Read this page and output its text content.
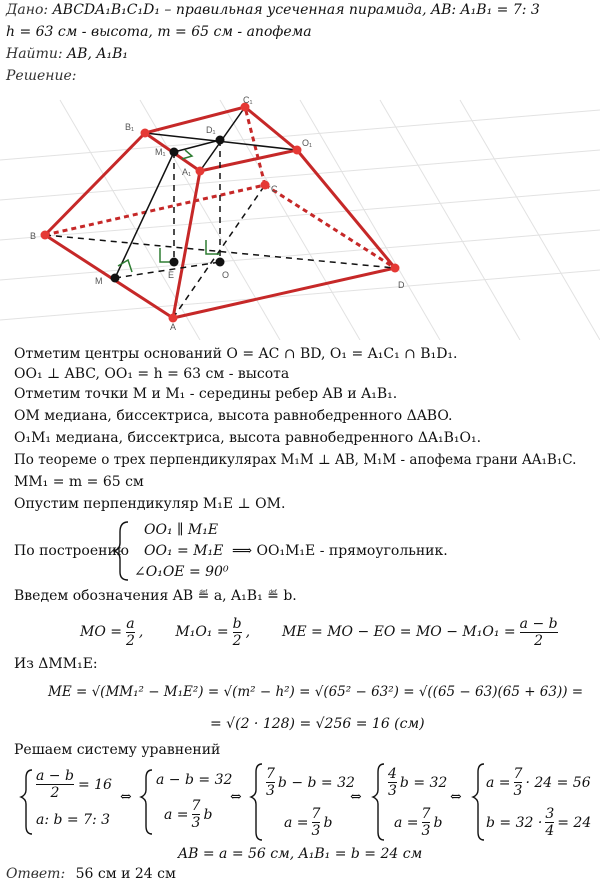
Дано: ABCDA₁B₁C₁D₁ – правильная усеченная пирамида, AB: A₁B₁ = 7: 3
h = 63 см - высота, m = 65 см - апофема
Найти: AB, A₁B₁
Решение:
B₁
C₁
O₁
M₁
A₁
D₁
B
C
E	O
M	D
A
Отметим центры оснований O = AC ∩ BD, O₁ = A₁C₁ ∩ B₁D₁.
OO₁ ⊥ ABC, OO₁ = h = 63 см - высота
Отметим точки M и M₁ - середины ребер AB и A₁B₁.
OM медиана, биссектриса, высота равнобедренного ΔABO.
O₁M₁ медиана, биссектриса, высота равнобедренного ΔA₁B₁O₁.
По теореме о трех перпендикулярах M₁M ⊥ AB, M₁M - апофема грани AA₁B₁C.
MM₁ = m = 65 см
Опустим перпендикуляр M₁E ⊥ OM.
По построению
OO₁ ∥ M₁E
OO₁ = M₁E
∠O₁OE = 90⁰
⟹ OO₁M₁E - прямоугольник.
Введем обозначения AB ≝ a, A₁B₁ ≝ b.
MO = $\frac{a}{2}$ , $M_1O_1 = \frac{b}{2}$ , ME = MO − EO = MO − $M_1O_1 = \frac{a - b}{2}$
Из ΔMM₁E:
ME = √(MM₁² − M₁E²) = √(m² − h²) = √(65² − 63²) = √((65 − 63)(65 + 63)) =
= √(2 · 128) = √256 = 16 (см)
Решаем систему уравнений
$\frac{a - b}{2} = 16$
a: b = 7: 3
⇔
a − b = 32
$a = \frac{7}{3}$ b
⇔ $\frac{7}{3}$ b − b = 32
$a = \frac{7}{3}$ b
⇔ $\frac{4}{3}$ b = 32
$a = \frac{7}{3}$ b
⇔
$a = \frac{7}{3} \cdot 24 = 56$
$b = 32 \cdot \frac{3}{4} = 24$
AB = a = 56 см, A₁B₁ = b = 24 см
Ответ: 56 см и 24 см
